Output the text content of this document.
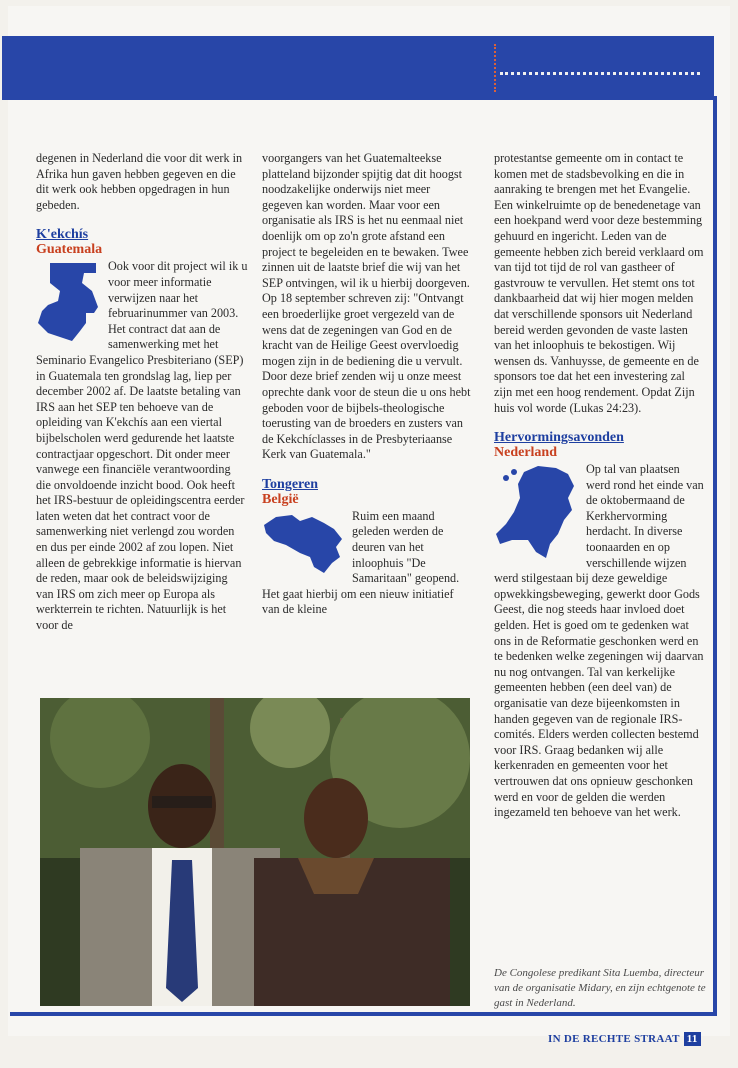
degenen in Nederland die voor dit werk in Afrika hun gaven hebben gegeven en die dit werk ook hebben opgedragen in hun gebeden.

K'ekchís
Guatemala

Ook voor dit project wil ik u voor meer informatie verwijzen naar het februarinummer van 2003. Het contract dat aan de samenwerking met het Seminario Evangelico Presbiteriano (SEP) in Guatemala ten grondslag lag, liep per december 2002 af. De laatste betaling van IRS aan het SEP ten behoeve van de opleiding van K'ekchís aan een viertal bijbelscholen werd gedurende het laatste contractjaar opgeschort. Dit onder meer vanwege een financiële verantwoording die onvoldoende inzicht bood. Ook heeft het IRS-bestuur de opleidingscentra eerder laten weten dat het contract voor de samenwerking niet verlengd zou worden en dus per einde 2002 af zou lopen. Niet alleen de gebrekkige informatie is hiervan de reden, maar ook de beleidswijziging van IRS om zich meer op Europa als werkterrein te richten. Natuurlijk is het voor de

voorgangers van het Guatemalteekse platteland bijzonder spijtig dat dit hoogst noodzakelijke onderwijs niet meer gegeven kan worden. Maar voor een organisatie als IRS is het nu eenmaal niet doenlijk om op zo'n grote afstand een project te begeleiden en te bewaken. Twee zinnen uit de laatste brief die wij van het SEP ontvingen, wil ik u hierbij doorgeven. Op 18 september schreven zij: "Ontvangt een broederlijke groet vergezeld van de wens dat de zegeningen van God en de kracht van de Heilige Geest overvloedig mogen zijn in de bediening die u vervult. Door deze brief zenden wij u onze meest oprechte dank voor de steun die u ons hebt geboden voor de bijbels-theologische toerusting van de broeders en zusters van de Kekchíclasses in de Presbyteriaanse Kerk van Guatemala."

Tongeren
België

Ruim een maand geleden werden de deuren van het inloophuis "De Samaritaan" geopend. Het gaat hierbij om een nieuw initiatief van de kleine

protestantse gemeente om in contact te komen met de stadsbevolking en die in aanraking te brengen met het Evangelie. Een winkelruimte op de benedenetage van een hoekpand werd voor deze bestemming gehuurd en ingericht. Leden van de gemeente hebben zich bereid verklaard om van tijd tot tijd de rol van gastheer of gastvrouw te vervullen. Het stemt ons tot dankbaarheid dat wij hier mogen melden dat verschillende sponsors uit Nederland bereid werden gevonden de vaste lasten van het inloophuis te bekostigen. Wij wensen ds. Vanhuysse, de gemeente en de sponsors toe dat het een investering zal zijn met een hoog rendement. Opdat Zijn huis vol worde (Lukas 24:23).

Hervormingsavonden
Nederland

Op tal van plaatsen werd rond het einde van de oktobermaand de Kerkhervorming herdacht. In diverse toonaarden en op verschillende wijzen werd stilgestaan bij deze geweldige opwekkingsbeweging, gewerkt door Gods Geest, die nog steeds haar invloed doet gelden. Het is goed om te gedenken wat ons in de Reformatie geschonken werd en te bedenken welke zegeningen wij daarvan nu nog ontvangen. Tal van kerkelijke gemeenten hebben (een deel van) de organisatie van deze bijeenkomsten in handen gegeven van de regionale IRS-comités. Elders werden collecten bestemd voor IRS. Graag bedanken wij alle kerkenraden en gemeenten voor het vertrouwen dat ons opnieuw geschonken werd en voor de gelden die werden ingezameld ten behoeve van het werk.

De Congolese predikant Sita Luemba, directeur van de organisatie Midary, en zijn echtgenote te gast in Nederland.
IN DE RECHTE STRAAT 11
